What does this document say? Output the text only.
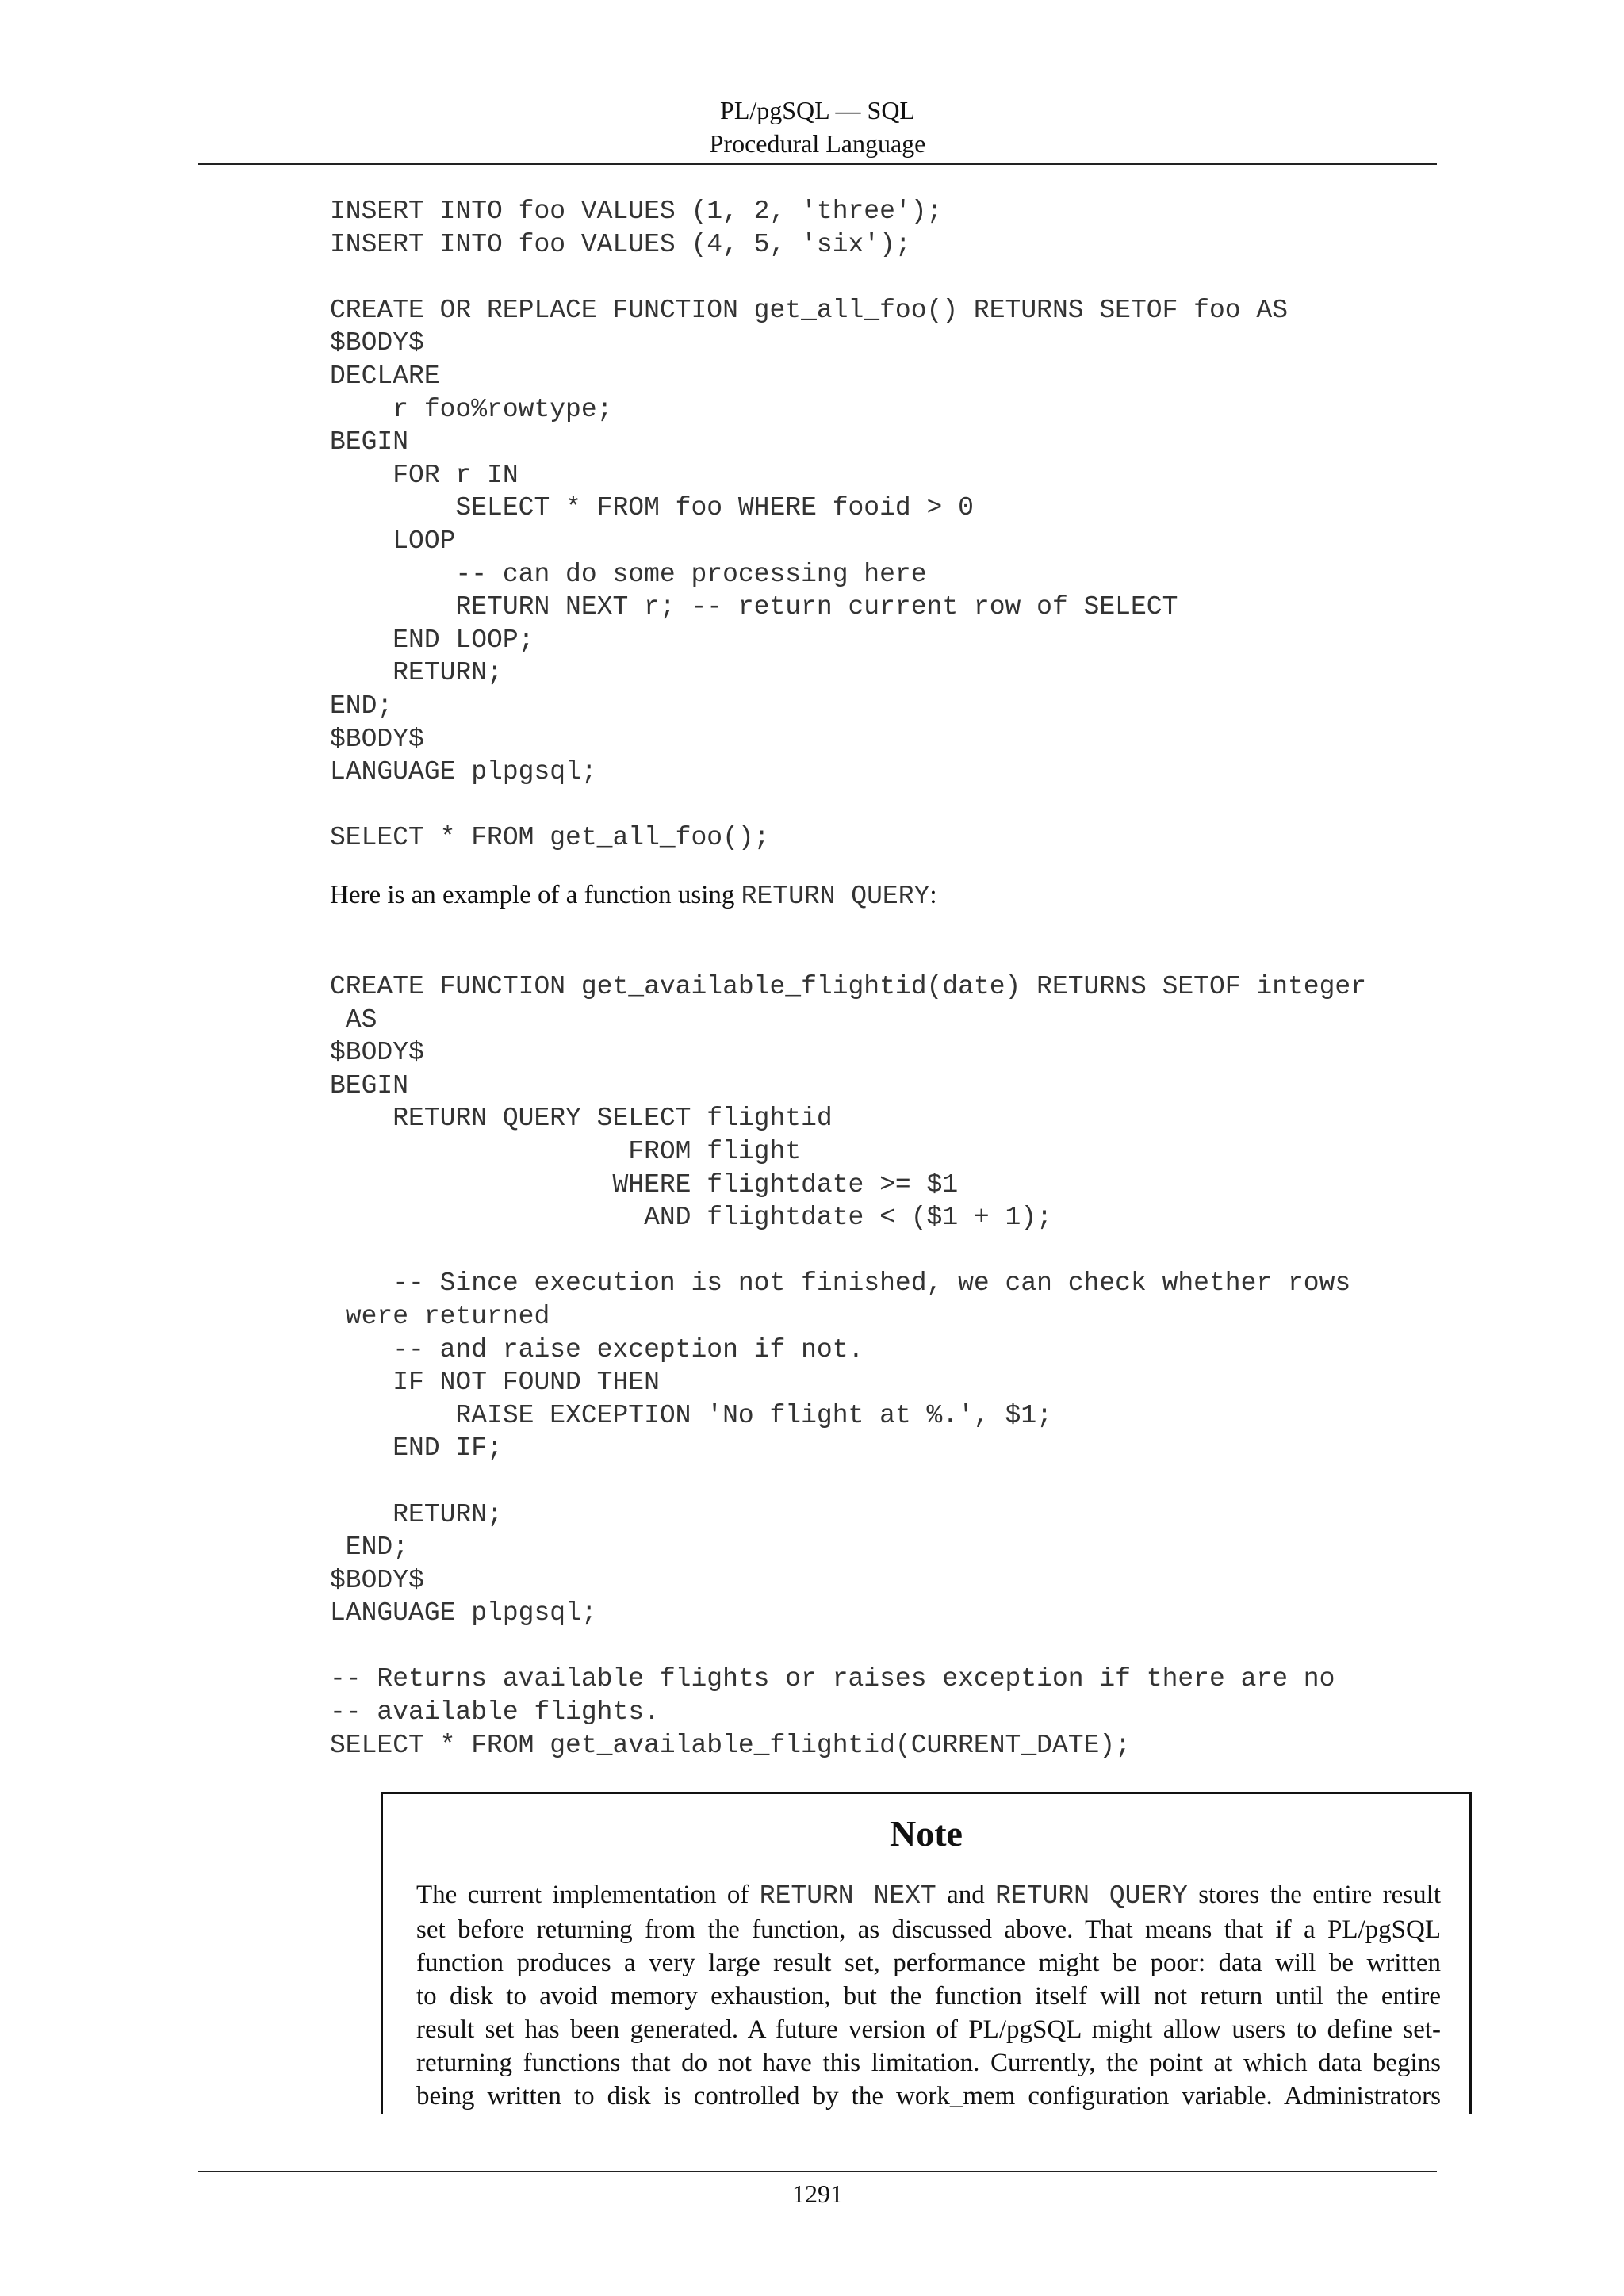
PL/pgSQL — SQL
Procedural Language
INSERT INTO foo VALUES (1, 2, 'three');
INSERT INTO foo VALUES (4, 5, 'six');

CREATE OR REPLACE FUNCTION get_all_foo() RETURNS SETOF foo AS
$BODY$
DECLARE
r foo%rowtype;
BEGIN
FOR r IN
SELECT * FROM foo WHERE fooid > 0
LOOP
-- can do some processing here
RETURN NEXT r; -- return current row of SELECT
END LOOP;
RETURN;
END;
$BODY$
LANGUAGE plpgsql;

SELECT * FROM get_all_foo();
Here is an example of a function using RETURN QUERY:
CREATE FUNCTION get_available_flightid(date) RETURNS SETOF integer
AS
$BODY$
BEGIN
RETURN QUERY SELECT flightid
FROM flight
WHERE flightdate >= $1
AND flightdate < ($1 + 1);

-- Since execution is not finished, we can check whether rows
were returned
-- and raise exception if not.
IF NOT FOUND THEN
RAISE EXCEPTION 'No flight at %.', $1;
END IF;

RETURN;
END;
$BODY$
LANGUAGE plpgsql;

-- Returns available flights or raises exception if there are no
-- available flights.
SELECT * FROM get_available_flightid(CURRENT_DATE);
Note
The current implementation of RETURN NEXT and RETURN QUERY stores the entire result
set before returning from the function, as discussed above. That means that if a PL/pgSQL
function produces a very large result set, performance might be poor: data will be written
to disk to avoid memory exhaustion, but the function itself will not return until the entire
result set has been generated. A future version of PL/pgSQL might allow users to define set-
returning functions that do not have this limitation. Currently, the point at which data begins
being written to disk is controlled by the work_mem configuration variable. Administrators
1291
